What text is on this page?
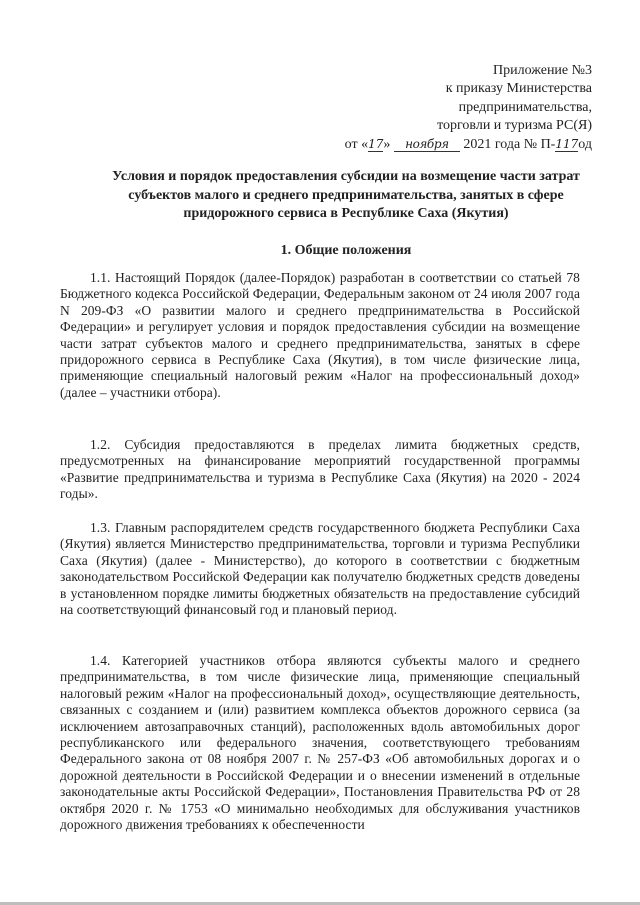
Приложение №3
к приказу Министерства
предпринимательства,
торговли и туризма РС(Я)
от «17» ноября 2021 года № П-117од
Условия и порядок предоставления субсидии на возмещение части затрат субъектов малого и среднего предпринимательства, занятых в сфере придорожного сервиса в Республике Саха (Якутия)
1. Общие положения

1.1. Настоящий Порядок (далее-Порядок) разработан в соответствии со статьей 78 Бюджетного кодекса Российской Федерации, Федеральным законом от 24 июля 2007 года N 209-ФЗ «О развитии малого и среднего предпринимательства в Российской Федерации» и регулирует условия и порядок предоставления субсидии на возмещение части затрат субъектов малого и среднего предпринимательства, занятых в сфере придорожного сервиса в Республике Саха (Якутия), в том числе физические лица, применяющие специальный налоговый режим «Налог на профессиональный доход» (далее – участники отбора).

1.2. Субсидия предоставляются в пределах лимита бюджетных средств, предусмотренных на финансирование мероприятий государственной программы «Развитие предпринимательства и туризма в Республике Саха (Якутия) на 2020 - 2024 годы».

1.3. Главным распорядителем средств государственного бюджета Республики Саха (Якутия) является Министерство предпринимательства, торговли и туризма Республики Саха (Якутия) (далее - Министерство), до которого в соответствии с бюджетным законодательством Российской Федерации как получателю бюджетных средств доведены в установленном порядке лимиты бюджетных обязательств на предоставление субсидий на соответствующий финансовый год и плановый период.

1.4. Категорией участников отбора являются субъекты малого и среднего предпринимательства, в том числе физические лица, применяющие специальный налоговый режим «Налог на профессиональный доход», осуществляющие деятельность, связанных с созданием и (или) развитием комплекса объектов дорожного сервиса (за исключением автозаправочных станций), расположенных вдоль автомобильных дорог республиканского или федерального значения, соответствующего требованиям Федерального закона от 08 ноября 2007 г. № 257-ФЗ «Об автомобильных дорогах и о дорожной деятельности в Российской Федерации и о внесении изменений в отдельные законодательные акты Российской Федерации», Постановления Правительства РФ от 28 октября 2020 г. № 1753 «О минимально необходимых для обслуживания участников дорожного движения требованиях к обеспеченности
